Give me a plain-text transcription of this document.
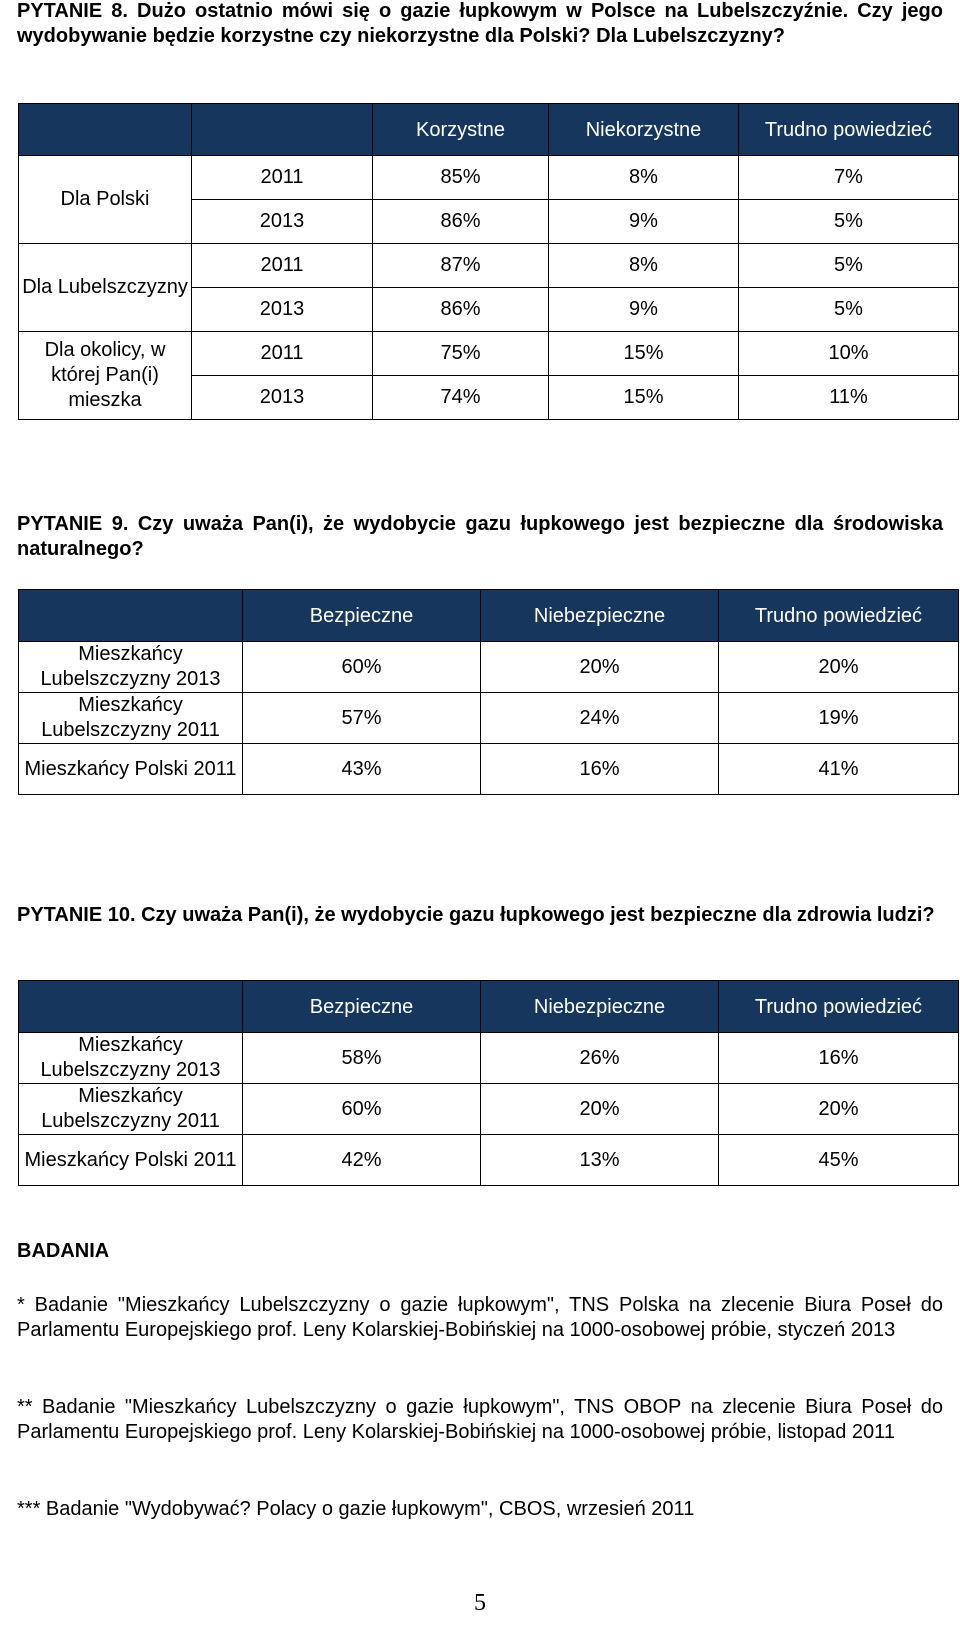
PYTANIE 8. Dużo ostatnio mówi się o gazie łupkowym w Polsce na Lubelszczyźnie. Czy jego wydobywanie będzie korzystne czy niekorzystne dla Polski? Dla Lubelszczyzny?
		Korzystne	Niekorzystne	Trudno powiedzieć
Dla Polski	2011	85%	8%	7%
	2013	86%	9%	5%
Dla Lubelszczyzny	2011	87%	8%	5%
	2013	86%	9%	5%
Dla okolicy, w której Pan(i) mieszka	2011	75%	15%	10%
	2013	74%	15%	11%
PYTANIE 9. Czy uważa Pan(i), że wydobycie gazu łupkowego jest bezpieczne dla środowiska naturalnego?
	Bezpieczne	Niebezpieczne	Trudno powiedzieć
Mieszkańcy Lubelszczyzny 2013	60%	20%	20%
Mieszkańcy Lubelszczyzny 2011	57%	24%	19%
Mieszkańcy Polski 2011	43%	16%	41%
PYTANIE 10. Czy uważa Pan(i), że wydobycie gazu łupkowego jest bezpieczne dla zdrowia ludzi?
	Bezpieczne	Niebezpieczne	Trudno powiedzieć
Mieszkańcy Lubelszczyzny 2013	58%	26%	16%
Mieszkańcy Lubelszczyzny 2011	60%	20%	20%
Mieszkańcy Polski 2011	42%	13%	45%
BADANIA
* Badanie "Mieszkańcy Lubelszczyzny o gazie łupkowym", TNS Polska na zlecenie Biura Poseł do Parlamentu Europejskiego prof. Leny Kolarskiej-Bobińskiej na 1000-osobowej próbie, styczeń 2013
** Badanie "Mieszkańcy Lubelszczyzny o gazie łupkowym", TNS OBOP na zlecenie Biura Poseł do Parlamentu Europejskiego prof. Leny Kolarskiej-Bobińskiej na 1000-osobowej próbie, listopad 2011
*** Badanie "Wydobywać? Polacy o gazie łupkowym", CBOS, wrzesień 2011
5
